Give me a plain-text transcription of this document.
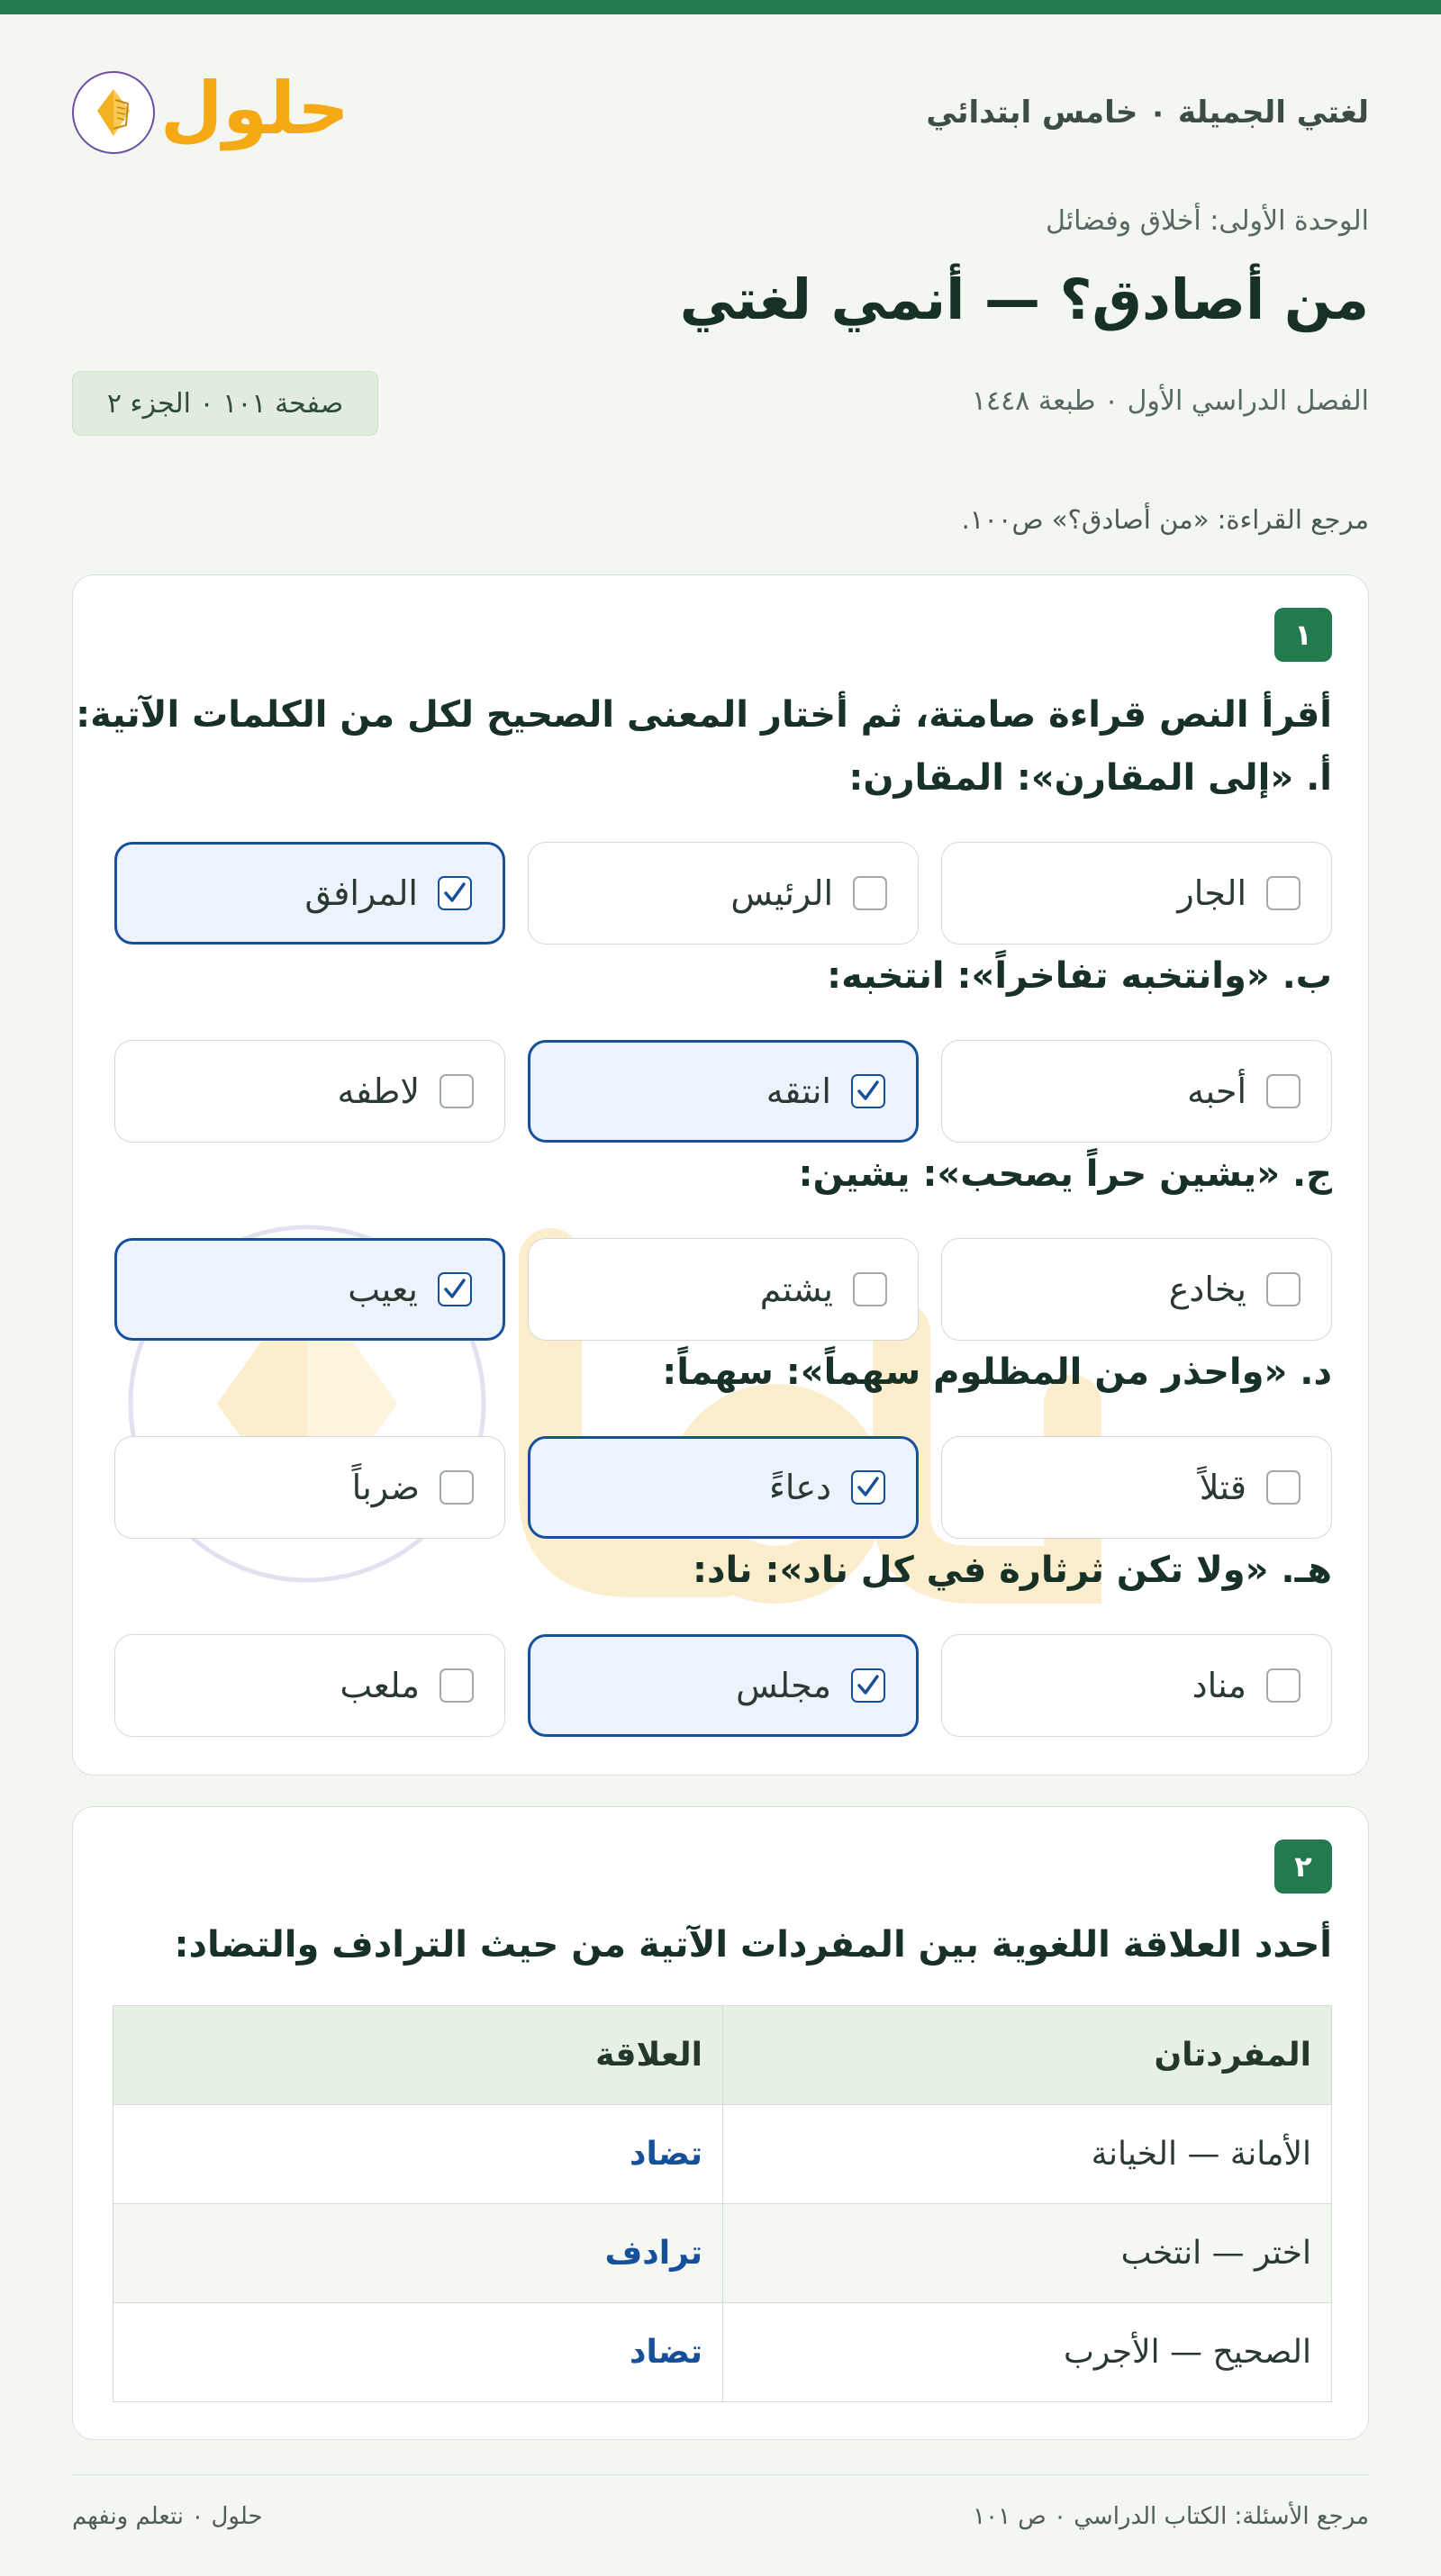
لغتي الجميلة ٠ خامس ابتدائي
حلول
الوحدة الأولى: أخلاق وفضائل
من أصادق؟ — أنمي لغتي
الفصل الدراسي الأول ٠ طبعة ١٤٤٨
صفحة ١٠١ ٠ الجزء ٢
مرجع القراءة: «من أصادق؟» ص١٠٠.
١
أقرأ النص قراءة صامتة، ثم أختار المعنى الصحيح لكل من الكلمات الآتية:
أ. «إلى المقارن»: المقارن:
الجار
الرئيس
المرافق
ب. «وانتخبه تفاخراً»: انتخبه:
أحبه
انتقه
لاطفه
ج. «يشين حراً يصحب»: يشين:
يخادع
يشتم
يعيب
د. «واحذر من المظلوم سهماً»: سهماً:
قتلاً
دعاءً
ضرباً
هـ. «ولا تكن ثرثارة في كل ناد»: ناد:
مناد
مجلس
ملعب
٢
أحدد العلاقة اللغوية بين المفردات الآتية من حيث الترادف والتضاد:
المفردتان	العلاقة
الأمانة — الخيانة	تضاد
اختر — انتخب	ترادف
الصحيح — الأجرب	تضاد
مرجع الأسئلة: الكتاب الدراسي ٠ ص ١٠١
حلول ٠ نتعلم ونفهم
